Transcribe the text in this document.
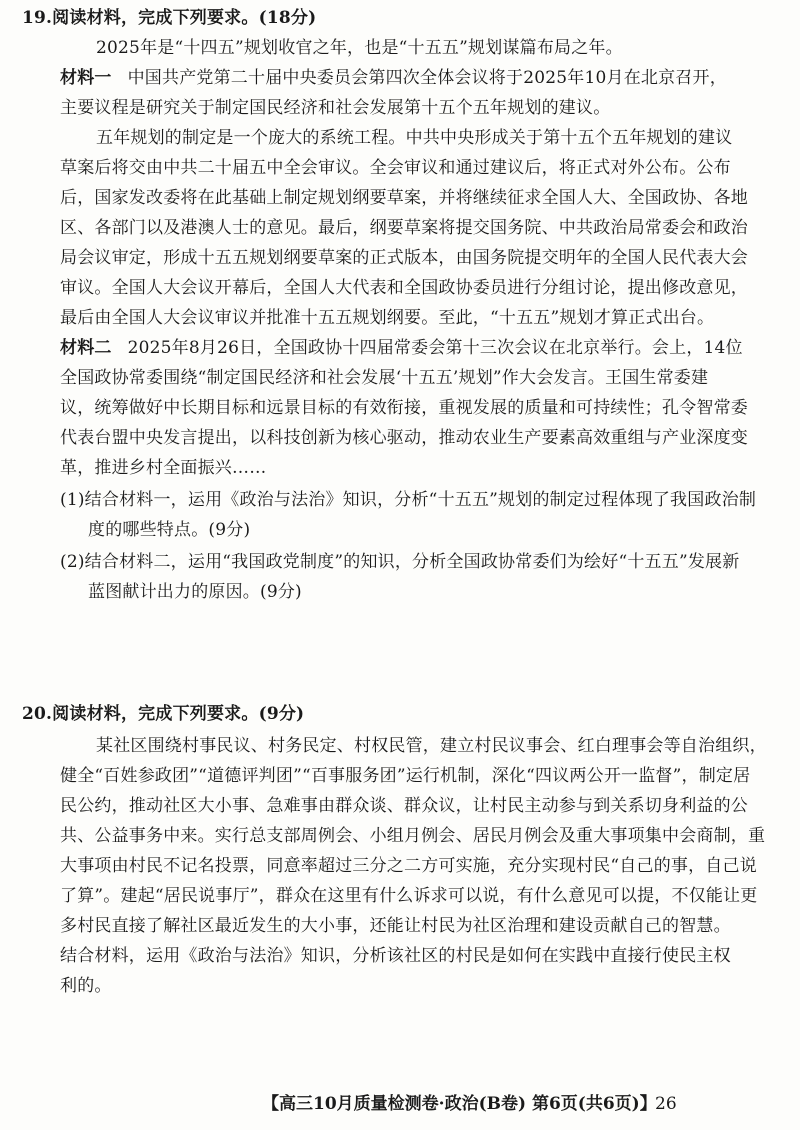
19.阅读材料，完成下列要求。(18分)
2025年是“十四五”规划收官之年，也是“十五五”规划谋篇布局之年。
材料一 中国共产党第二十届中央委员会第四次全体会议将于2025年10月在北京召开，
主要议程是研究关于制定国民经济和社会发展第十五个五年规划的建议。
五年规划的制定是一个庞大的系统工程。中共中央形成关于第十五个五年规划的建议
草案后将交由中共二十届五中全会审议。全会审议和通过建议后，将正式对外公布。公布
后，国家发改委将在此基础上制定规划纲要草案，并将继续征求全国人大、全国政协、各地
区、各部门以及港澳人士的意见。最后，纲要草案将提交国务院、中共政治局常委会和政治
局会议审定，形成十五五规划纲要草案的正式版本，由国务院提交明年的全国人民代表大会
审议。全国人大会议开幕后，全国人大代表和全国政协委员进行分组讨论，提出修改意见，
最后由全国人大会议审议并批准十五五规划纲要。至此，“十五五”规划才算正式出台。
材料二 2025年8月26日，全国政协十四届常委会第十三次会议在北京举行。会上，14位
全国政协常委围绕“制定国民经济和社会发展‘十五五’规划”作大会发言。王国生常委建
议，统筹做好中长期目标和远景目标的有效衔接，重视发展的质量和可持续性；孔令智常委
代表台盟中央发言提出，以科技创新为核心驱动，推动农业生产要素高效重组与产业深度变
革，推进乡村全面振兴……
(1)结合材料一，运用《政治与法治》知识，分析“十五五”规划的制定过程体现了我国政治制
度的哪些特点。(9分)
(2)结合材料二，运用“我国政党制度”的知识，分析全国政协常委们为绘好“十五五”发展新
蓝图献计出力的原因。(9分)
20.阅读材料，完成下列要求。(9分)
某社区围绕村事民议、村务民定、村权民管，建立村民议事会、红白理事会等自治组织，
健全“百姓参政团”“道德评判团”“百事服务团”运行机制，深化“四议两公开一监督”，制定居
民公约，推动社区大小事、急难事由群众谈、群众议，让村民主动参与到关系切身利益的公
共、公益事务中来。实行总支部周例会、小组月例会、居民月例会及重大事项集中会商制，重
大事项由村民不记名投票，同意率超过三分之二方可实施，充分实现村民“自己的事，自己说
了算”。建起“居民说事厅”，群众在这里有什么诉求可以说，有什么意见可以提，不仅能让更
多村民直接了解社区最近发生的大小事，还能让村民为社区治理和建设贡献自己的智慧。
结合材料，运用《政治与法治》知识，分析该社区的村民是如何在实践中直接行使民主权
利的。
【高三10月质量检测卷·政治(B卷) 第6页(共6页)】
26
